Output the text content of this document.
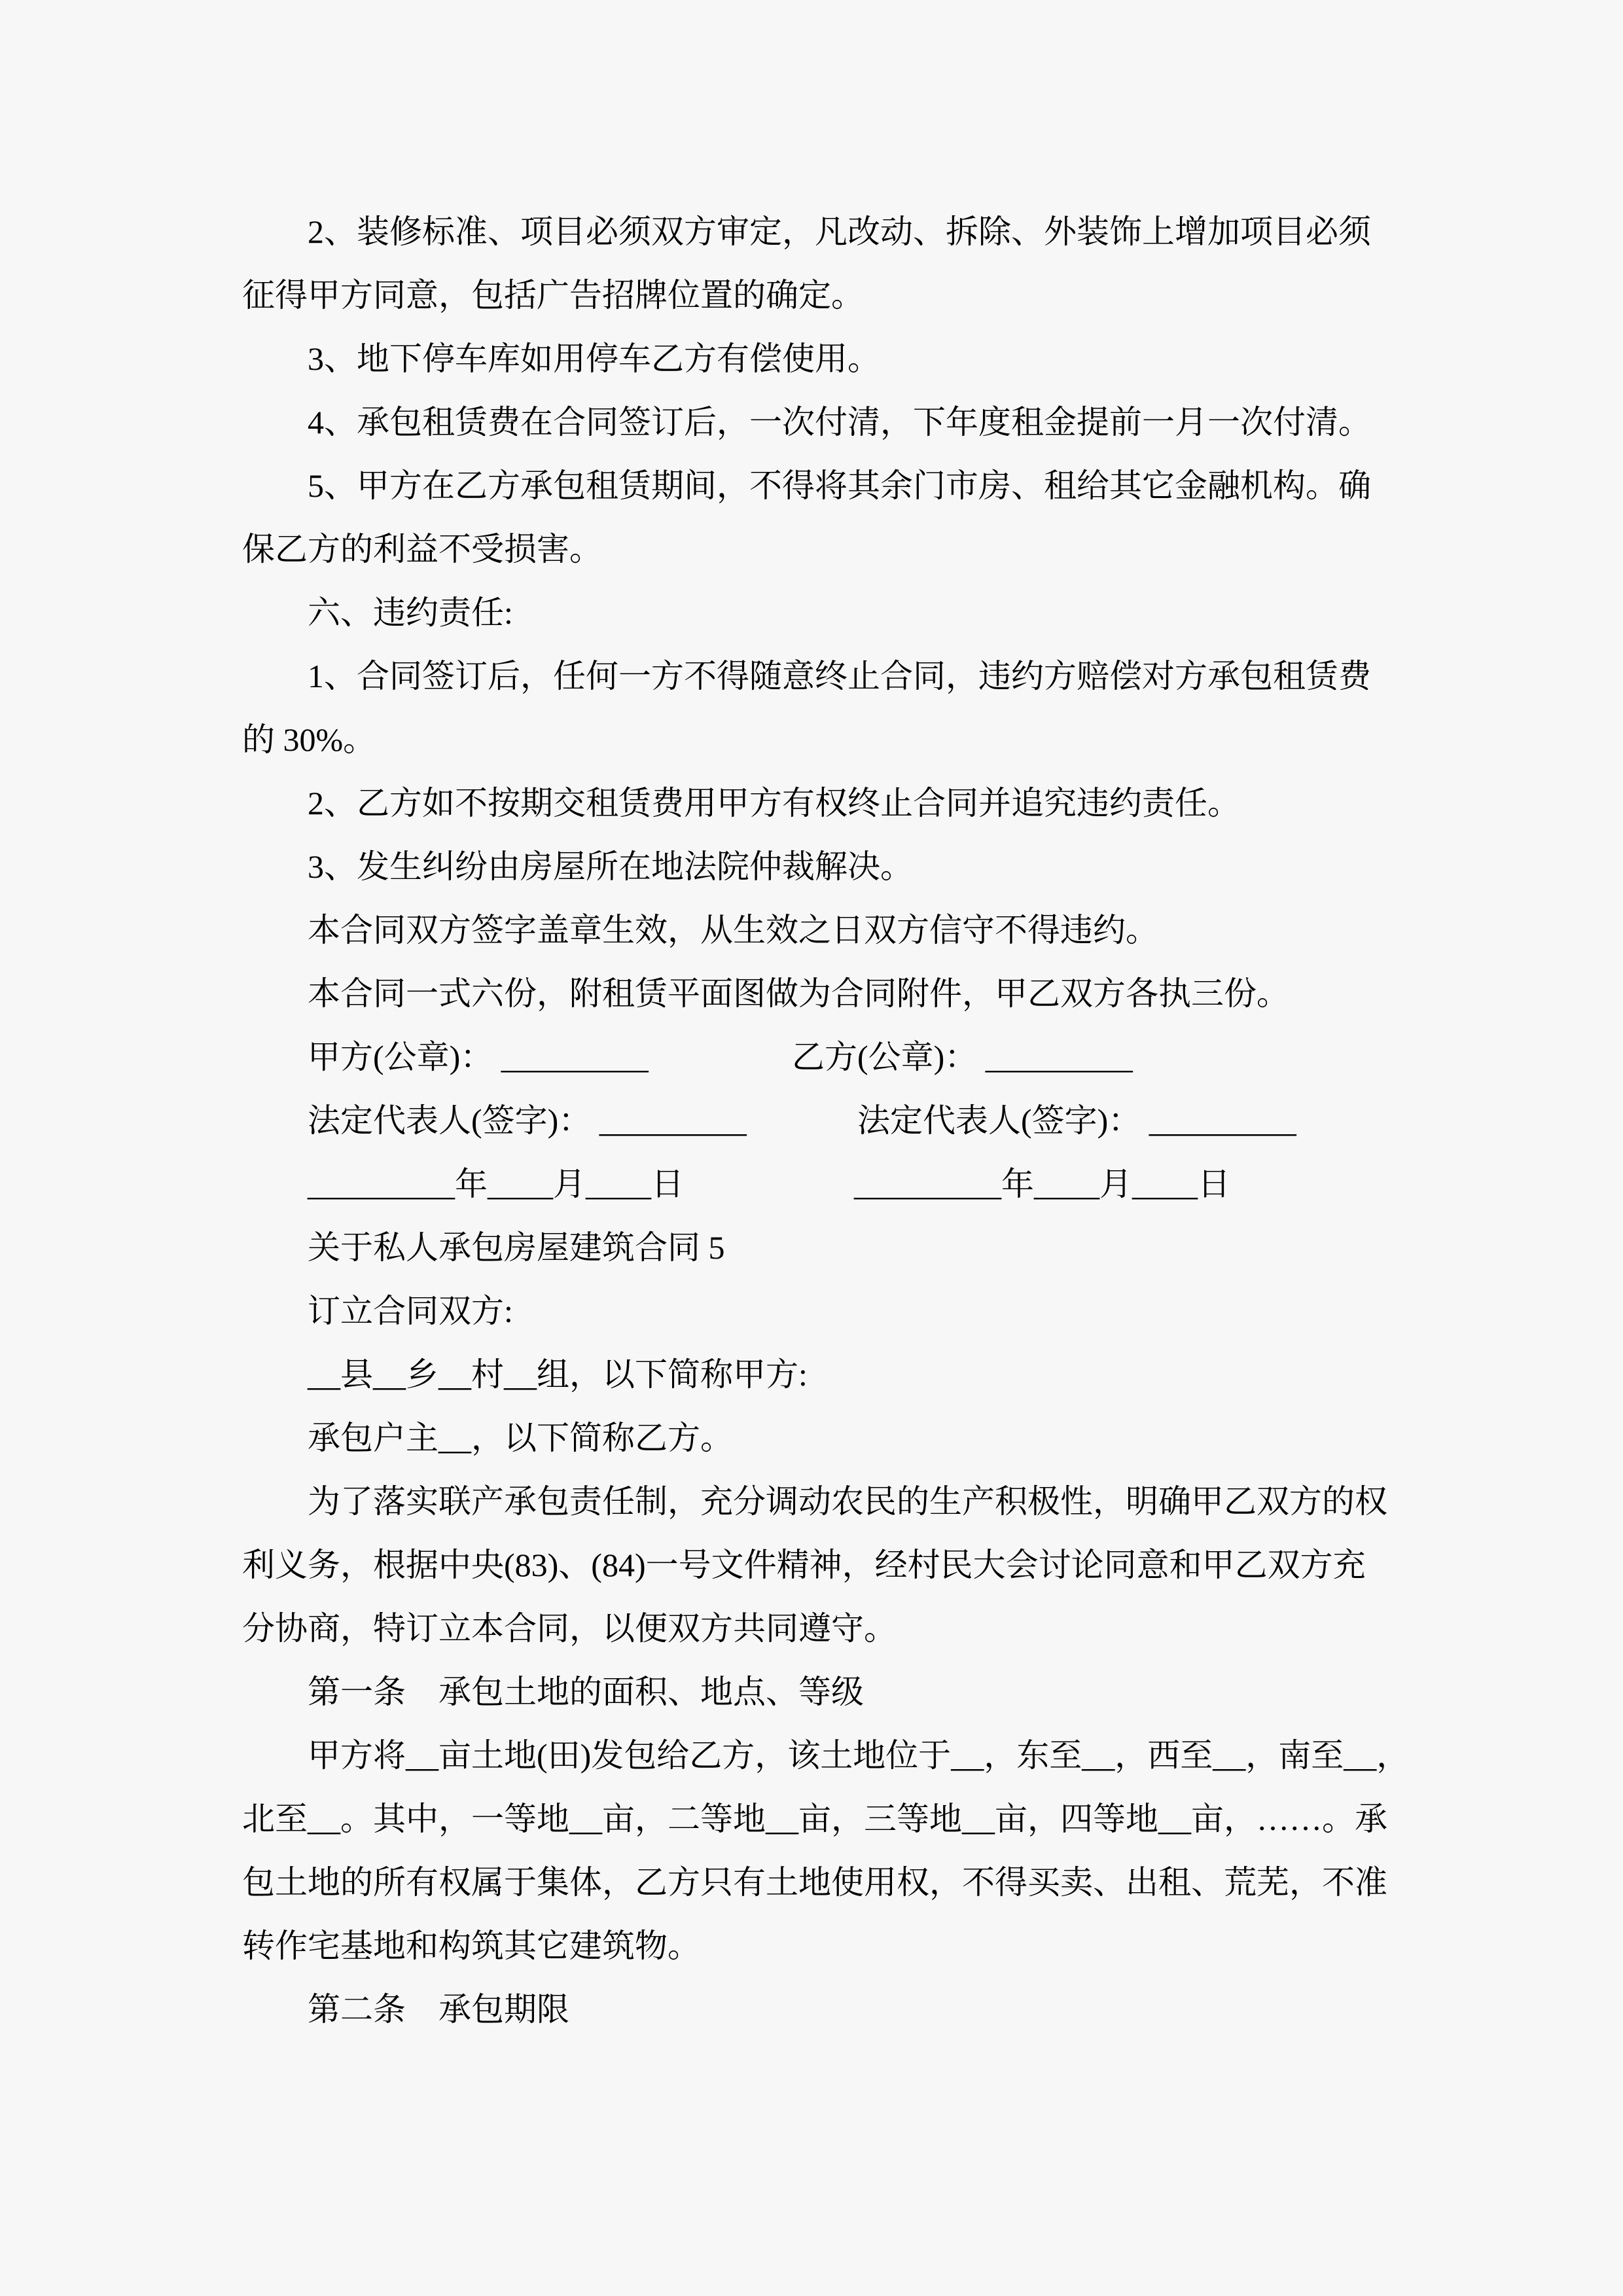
2、装修标准、项目必须双方审定，凡改动、拆除、外装饰上增加项目必须
征得甲方同意，包括广告招牌位置的确定。
3、地下停车库如用停车乙方有偿使用。
4、承包租赁费在合同签订后，一次付清，下年度租金提前一月一次付清。
5、甲方在乙方承包租赁期间，不得将其余门市房、租给其它金融机构。确
保乙方的利益不受损害。
六、违约责任:
1、合同签订后，任何一方不得随意终止合同，违约方赔偿对方承包租赁费
的 30%。
2、乙方如不按期交租赁费用甲方有权终止合同并追究违约责任。
3、发生纠纷由房屋所在地法院仲裁解决。
本合同双方签字盖章生效，从生效之日双方信守不得违约。
本合同一式六份，附租赁平面图做为合同附件，甲乙双方各执三份。
甲方(公章)： _________	乙方(公章)： _________
法定代表人(签字)： _________	法定代表人(签字)： _________
_________年____月____日	_________年____月____日
关于私人承包房屋建筑合同 5
订立合同双方:
__县__乡__村__组，以下简称甲方:
承包户主__，以下简称乙方。
为了落实联产承包责任制，充分调动农民的生产积极性，明确甲乙双方的权
利义务，根据中央(83)、(84)一号文件精神，经村民大会讨论同意和甲乙双方充
分协商，特订立本合同，以便双方共同遵守。
第一条　承包土地的面积、地点、等级
甲方将__亩土地(田)发包给乙方，该土地位于__，东至__，西至__，南至__，
北至__。其中，一等地__亩，二等地__亩，三等地__亩，四等地__亩，……。承
包土地的所有权属于集体，乙方只有土地使用权，不得买卖、出租、荒芜，不准
转作宅基地和构筑其它建筑物。
第二条　承包期限
